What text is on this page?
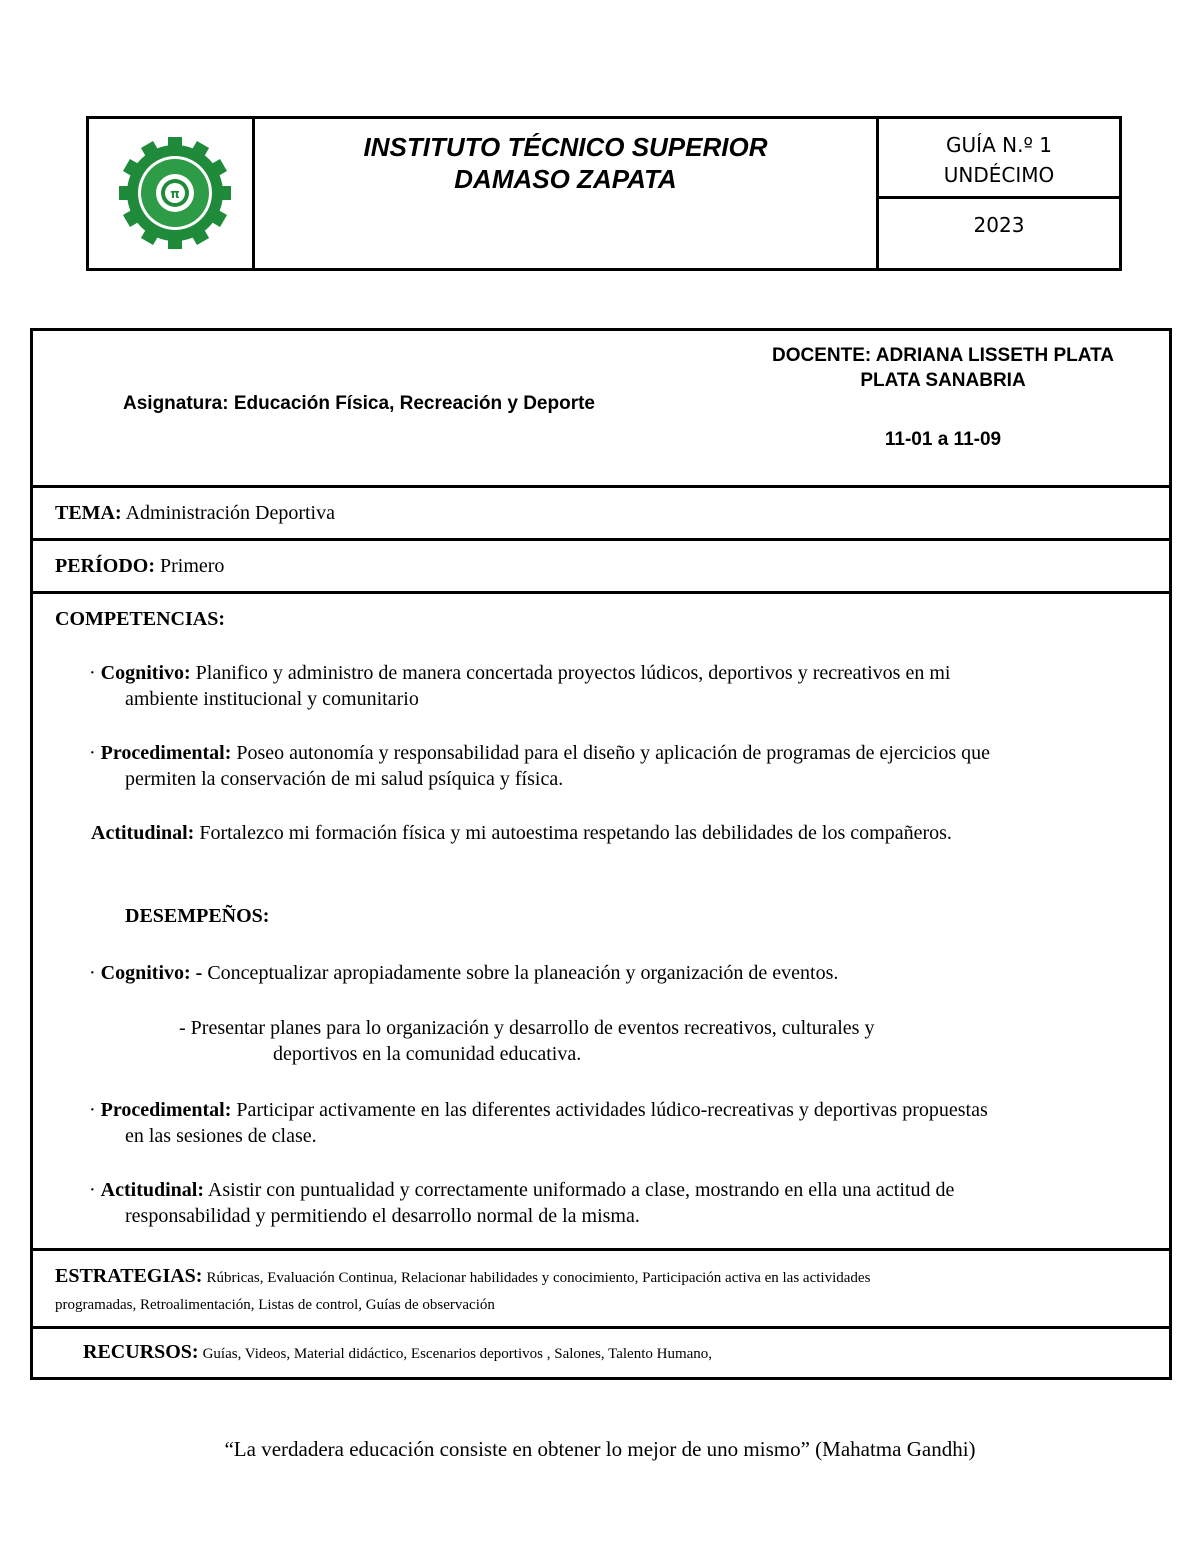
π
INSTITUTO TÉCNICO SUPERIOR
DAMASO ZAPATA
GUÍA N.º 1
UNDÉCIMO
2023
Asignatura: Educación Física, Recreación y Deporte
DOCENTE: ADRIANA LISSETH PLATA
PLATA SANABRIA
11-01 a 11-09
TEMA: Administración Deportiva
PERÍODO: Primero
COMPETENCIAS:
· Cognitivo: Planifico y administro de manera concertada proyectos lúdicos, deportivos y recreativos en mi
ambiente institucional y comunitario
· Procedimental: Poseo autonomía y responsabilidad para el diseño y aplicación de programas de ejercicios que
permiten la conservación de mi salud psíquica y física.
Actitudinal: Fortalezco mi formación física y mi autoestima respetando las debilidades de los compañeros.
DESEMPEÑOS:
· Cognitivo: - Conceptualizar apropiadamente sobre la planeación y organización de eventos.
- Presentar planes para lo organización y desarrollo de eventos recreativos, culturales y
deportivos en la comunidad educativa.
· Procedimental: Participar activamente en las diferentes actividades lúdico-recreativas y deportivas propuestas
en las sesiones de clase.
· Actitudinal: Asistir con puntualidad y correctamente uniformado a clase, mostrando en ella una actitud de
responsabilidad y permitiendo el desarrollo normal de la misma.
ESTRATEGIAS: Rúbricas, Evaluación Continua, Relacionar habilidades y conocimiento, Participación activa en las actividades
programadas, Retroalimentación, Listas de control, Guías de observación
RECURSOS: Guías, Videos, Material didáctico, Escenarios deportivos , Salones, Talento Humano,
“La verdadera educación consiste en obtener lo mejor de uno mismo” (Mahatma Gandhi)
